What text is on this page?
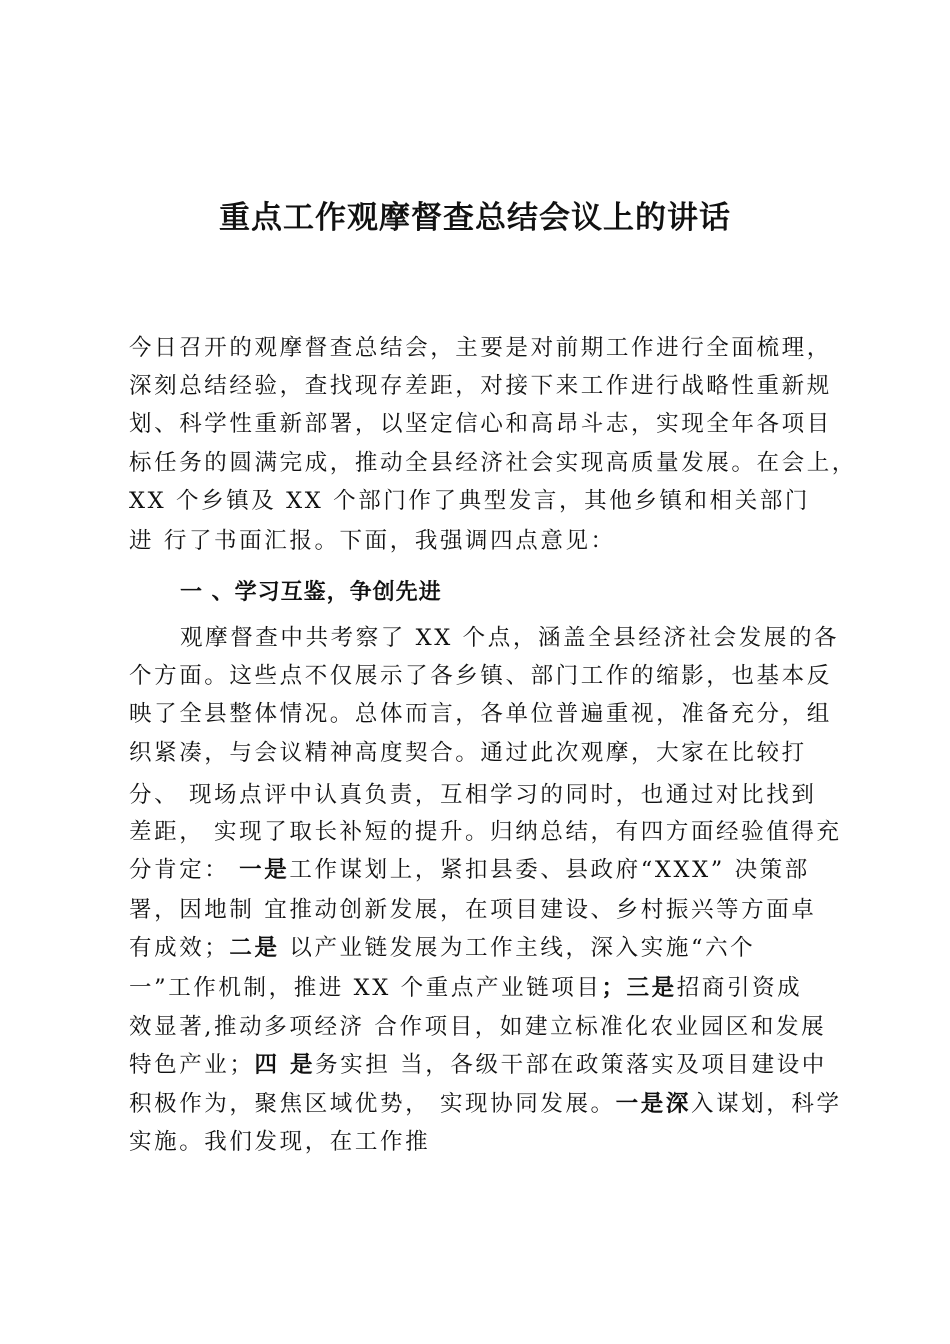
重点工作观摩督查总结会议上的讲话
今日召开的观摩督查总结会，主要是对前期工作进行全面梳理，
深刻总结经验，查找现存差距，对接下来工作进行战略性重新规
划、科学性重新部署，以坚定信心和高昂斗志，实现全年各项目
标任务的圆满完成，推动全县经济社会实现高质量发展。在会上，
XX 个乡镇及 XX 个部门作了典型发言，其他乡镇和相关部门
进 行了书面汇报。下面，我强调四点意见：
一 、学习互鉴，争创先进
观摩督查中共考察了 XX 个点，涵盖全县经济社会发展的各
个方面。这些点不仅展示了各乡镇、部门工作的缩影，也基本反
映了全县整体情况。总体而言，各单位普遍重视，准备充分，组
织紧凑，与会议精神高度契合。通过此次观摩，大家在比较打
分、 现场点评中认真负责，互相学习的同时，也通过对比找到
差距， 实现了取长补短的提升。归纳总结，有四方面经验值得充
分肯定： 一是工作谋划上，紧扣县委、县政府“XXX” 决策部
署，因地制 宜推动创新发展，在项目建设、乡村振兴等方面卓
有成效；二是 以产业链发展为工作主线，深入实施“六个
一”工作机制，推进 XX 个重点产业链项目；三是招商引资成
效显著,推动多项经济 合作项目，如建立标准化农业园区和发展
特色产业；四 是务实担 当，各级干部在政策落实及项目建设中
积极作为，聚焦区域优势， 实现协同发展。一是深入谋划，科学
实施。我们发现，在工作推
